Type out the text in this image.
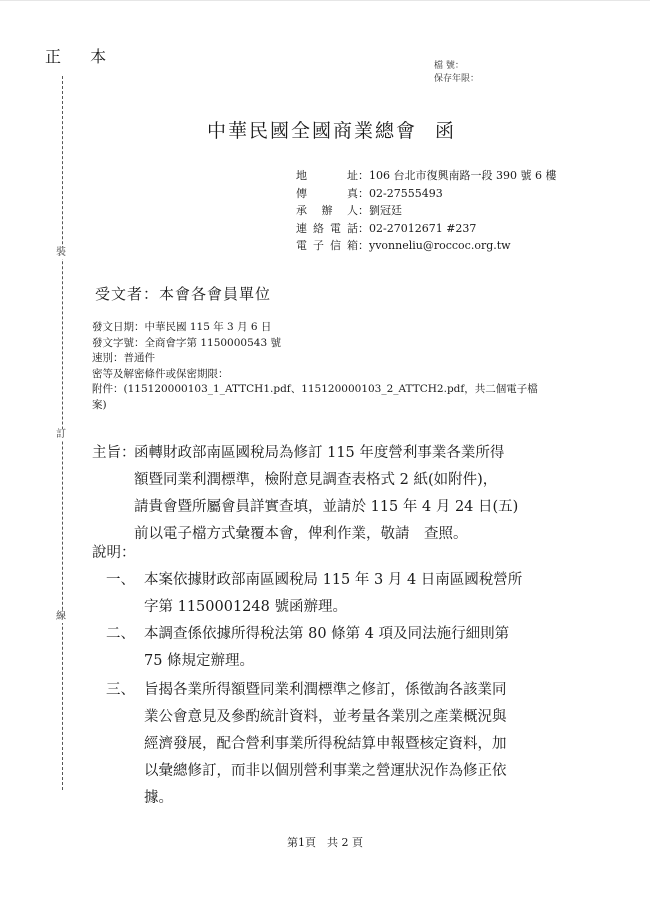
正 本	檔 號：
保存年限：
裝
訂
線
中華民國全國商業總會 函
地	址 ： 106 台北市復興南路一段 390 號 6 樓
傳	真 ： 02-27555493
承 辦 人 ： 劉冠廷
連 絡 電 話 ： 02-27012671 #237
電 子 信 箱 ： yvonneliu@roccoc.org.tw
受文者：本會各會員單位
發文日期：中華民國 115 年 3 月 6 日
發文字號：全商會字第 1150000543 號
速別：普通件
密等及解密條件或保密期限：
附件：(115120000103_1_ATTCH1.pdf、115120000103_2_ATTCH2.pdf，共二個電子檔
案)
主旨：
函轉財政部南區國稅局為修訂 115 年度營利事業各業所得
額暨同業利潤標準，檢附意見調查表格式 2 紙(如附件)，
請貴會暨所屬會員詳實查填，並請於 115 年 4 月 24 日(五)
前以電子檔方式彙覆本會，俾利作業，敬請　查照。
說明：
一、 本案依據財政部南區國稅局 115 年 3 月 4 日南區國稅營所
字第 1150001248 號函辦理。
二、 本調查係依據所得稅法第 80 條第 4 項及同法施行細則第
75 條規定辦理。
三、 旨揭各業所得額暨同業利潤標準之修訂，係徵詢各該業同
業公會意見及參酌統計資料，並考量各業別之產業概況與
經濟發展，配合營利事業所得稅結算申報暨核定資料，加
以彙總修訂，而非以個別營利事業之營運狀況作為修正依
據。
第1頁　共 2 頁
